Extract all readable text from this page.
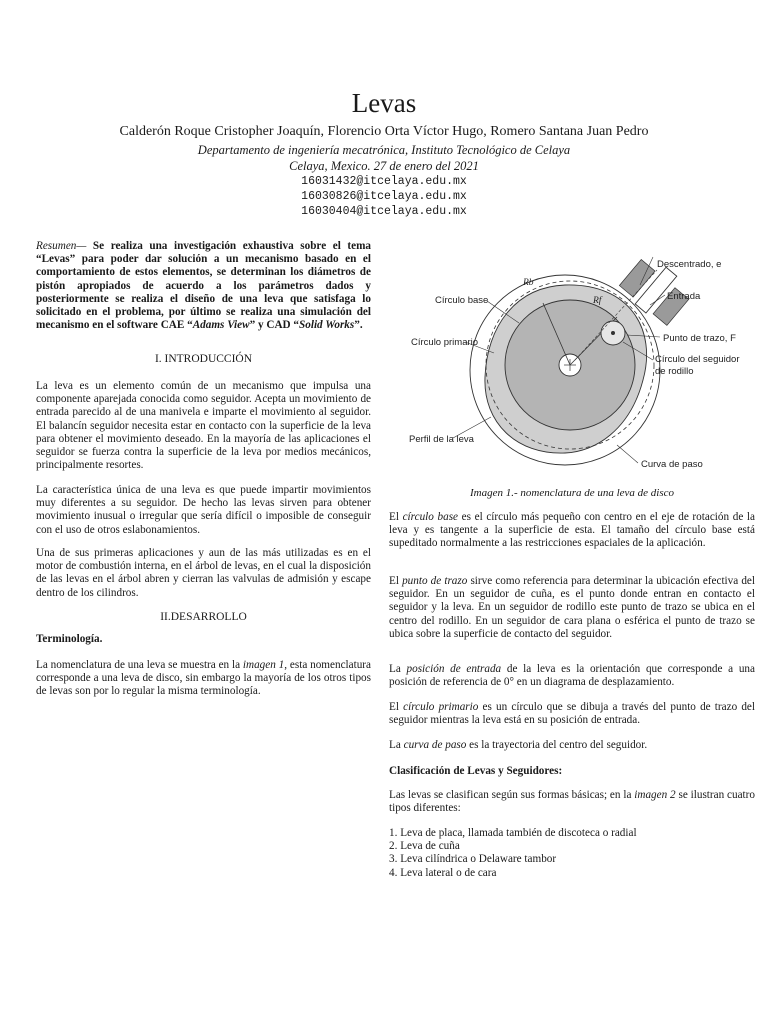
Levas
Calderón Roque Cristopher Joaquín, Florencio Orta Víctor Hugo, Romero Santana Juan Pedro
Departamento de ingeniería mecatrónica, Instituto Tecnológico de Celaya
Celaya, Mexico. 27 de enero del 2021
16031432@itcelaya.edu.mx
16030826@itcelaya.edu.mx
16030404@itcelaya.edu.mx
Resumen— Se realiza una investigación exhaustiva sobre el tema “Levas” para poder dar solución a un mecanismo basado en el comportamiento de estos elementos, se determinan los diámetros de pistón apropiados de acuerdo a los parámetros dados y posteriormente se realiza el diseño de una leva que satisfaga lo solicitado en el problema, por último se realiza una simulación del mecanismo en el software CAE “Adams View” y CAD “Solid Works”.
I. INTRODUCCIÓN
La leva es un elemento común de un mecanismo que impulsa una componente aparejada conocida como seguidor. Acepta un movimiento de entrada parecido al de una manivela e imparte el movimiento al seguidor. El balancín seguidor necesita estar en contacto con la superficie de la leva para obtener el movimiento deseado. En la mayoría de las aplicaciones el seguidor se fuerza contra la superficie de la leva por medios mecánicos, principalmente resortes.
La característica única de una leva es que puede impartir movimientos muy diferentes a su seguidor. De hecho las levas sirven para obtener movimiento inusual o irregular que sería difícil o imposible de conseguir con el uso de otros eslabonamientos.
Una de sus primeras aplicaciones y aun de las más utilizadas es en el motor de combustión interna, en el árbol de levas, en el cual la disposición de las levas en el árbol abren y cierran las valvulas de admisión y escape dentro de los cilindros.
II.DESARROLLO
Terminología.
La nomenclatura de una leva se muestra en la imagen 1, esta nomenclatura corresponde a una leva de disco, sin embargo la mayoría de los otros tipos de levas son por lo regular la misma terminología.
Descentrado, e
Rb
Rf	Entrada
Círculo base
Círculo primario	Punto de trazo, F
Círculo del seguidor
de rodillo
Perfil de la leva
Curva de paso
Imagen 1.- nomenclatura de una leva de disco
El círculo base es el círculo más pequeño con centro en el eje de rotación de la leva y es tangente a la superficie de esta. El tamaño del círculo base está supeditado normalmente a las restricciones espaciales de la aplicación.
El punto de trazo sirve como referencia para determinar la ubicación efectiva del seguidor. En un seguidor de cuña, es el punto donde entran en contacto el seguidor y la leva. En un seguidor de rodillo este punto de trazo se ubica en el centro del rodillo. En un seguidor de cara plana o esférica el punto de trazo se ubica sobre la superficie de contacto del seguidor.
La posición de entrada de la leva es la orientación que corresponde a una posición de referencia de 0° en un diagrama de desplazamiento.
El círculo primario es un círculo que se dibuja a través del punto de trazo del seguidor mientras la leva está en su posición de entrada.
La curva de paso es la trayectoria del centro del seguidor.
Clasificación de Levas y Seguidores:
Las levas se clasifican según sus formas básicas; en la imagen 2 se ilustran cuatro tipos diferentes:
1. Leva de placa, llamada también de discoteca o radial
2. Leva de cuña
3. Leva cilíndrica o Delaware tambor
4. Leva lateral o de cara
